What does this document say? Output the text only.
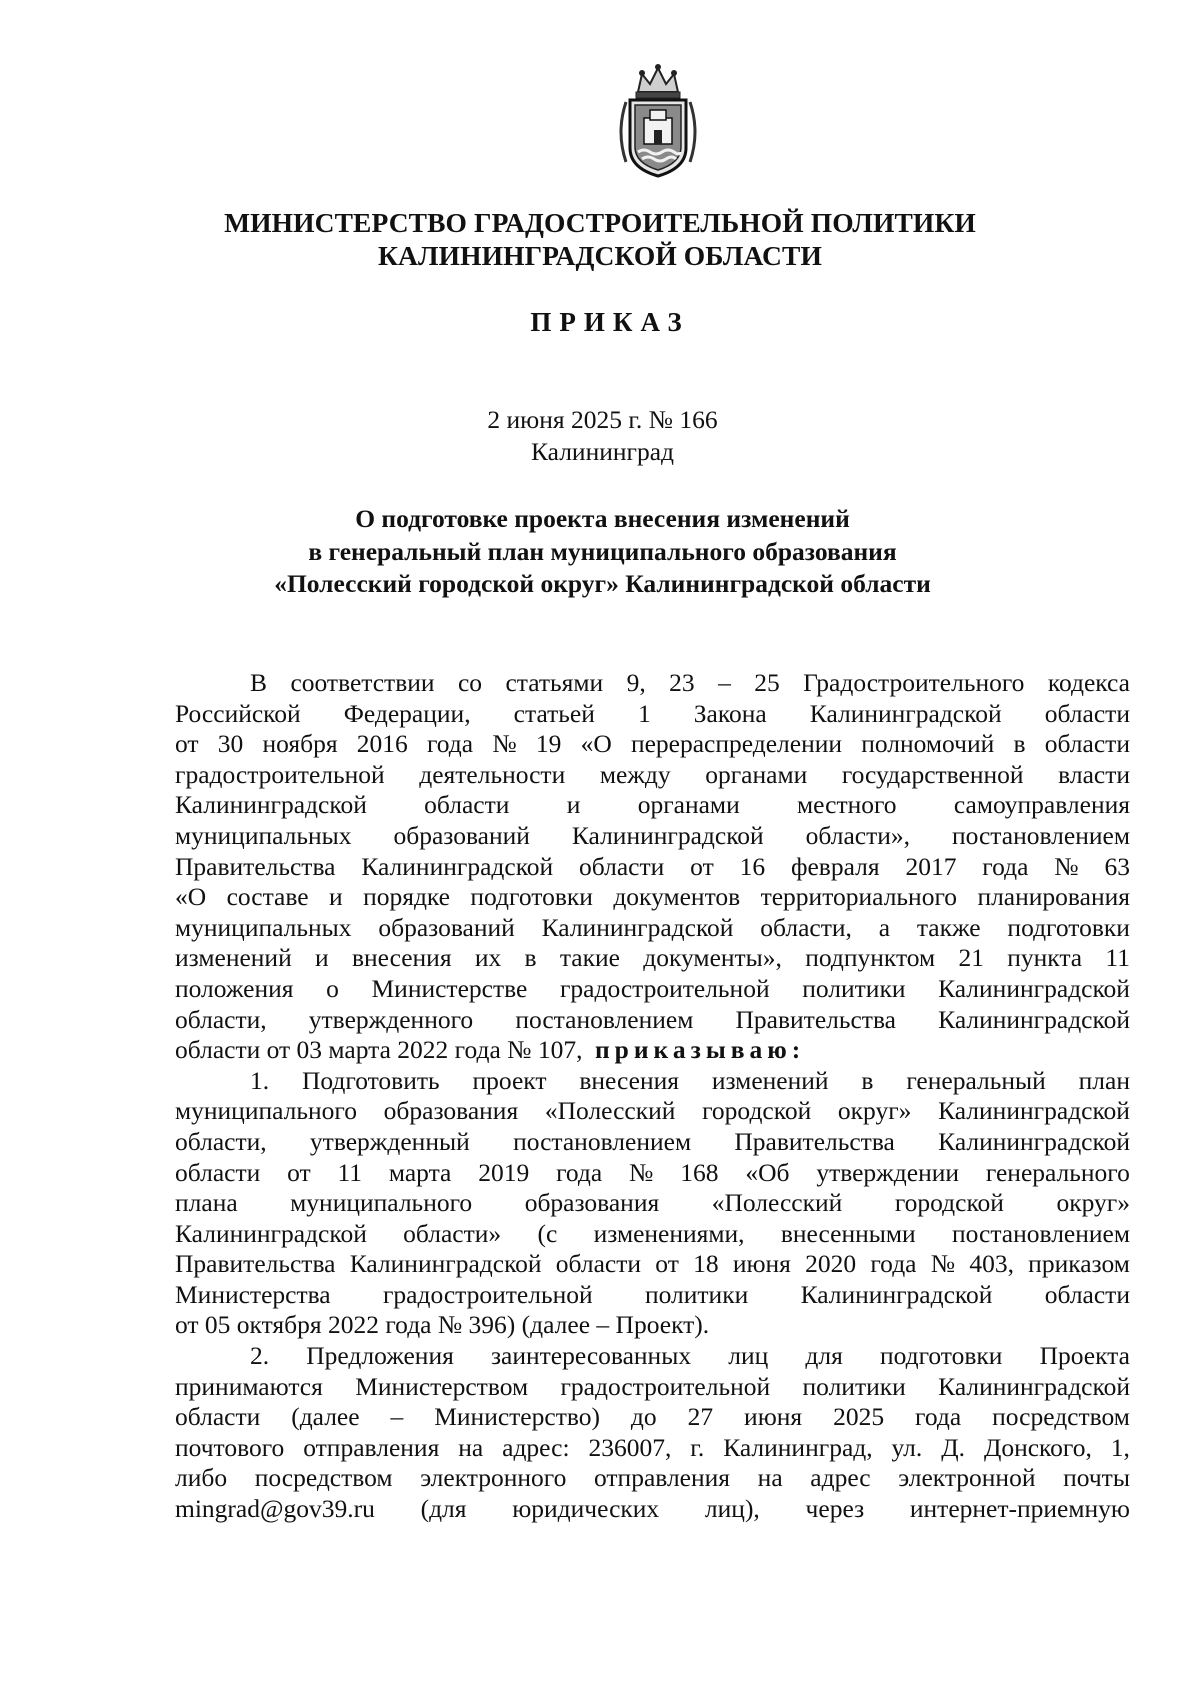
МИНИСТЕРСТВО ГРАДОСТРОИТЕЛЬНОЙ ПОЛИТИКИ
КАЛИНИНГРАДСКОЙ ОБЛАСТИ
ПРИКАЗ
2 июня 2025 г. № 166
Калининград
О подготовке проекта внесения изменений
в генеральный план муниципального образования
«Полесский городской округ» Калининградской области
В соответствии со статьями 9, 23 – 25 Градостроительного кодекса
Российской Федерации, статьей 1 Закона Калининградской области
от 30 ноября 2016 года № 19 «О перераспределении полномочий в области
градостроительной деятельности между органами государственной власти
Калининградской области и органами местного самоуправления
муниципальных образований Калининградской области», постановлением
Правительства Калининградской области от 16 февраля 2017 года № 63
«О составе и порядке подготовки документов территориального планирования
муниципальных образований Калининградской области, а также подготовки
изменений и внесения их в такие документы», подпунктом 21 пункта 11
положения о Министерстве градостроительной политики Калининградской
области, утвержденного постановлением Правительства Калининградской
области от 03 марта 2022 года № 107, приказываю:
1. Подготовить проект внесения изменений в генеральный план
муниципального образования «Полесский городской округ» Калининградской
области, утвержденный постановлением Правительства Калининградской
области от 11 марта 2019 года № 168 «Об утверждении генерального
плана муниципального образования «Полесский городской округ»
Калининградской области» (с изменениями, внесенными постановлением
Правительства Калининградской области от 18 июня 2020 года № 403, приказом
Министерства градостроительной политики Калининградской области
от 05 октября 2022 года № 396) (далее – Проект).
2. Предложения заинтересованных лиц для подготовки Проекта
принимаются Министерством градостроительной политики Калининградской
области (далее – Министерство) до 27 июня 2025 года посредством
почтового отправления на адрес: 236007, г. Калининград, ул. Д. Донского, 1,
либо посредством электронного отправления на адрес электронной почты
mingrad@gov39.ru (для юридических лиц), через интернет-приемную
